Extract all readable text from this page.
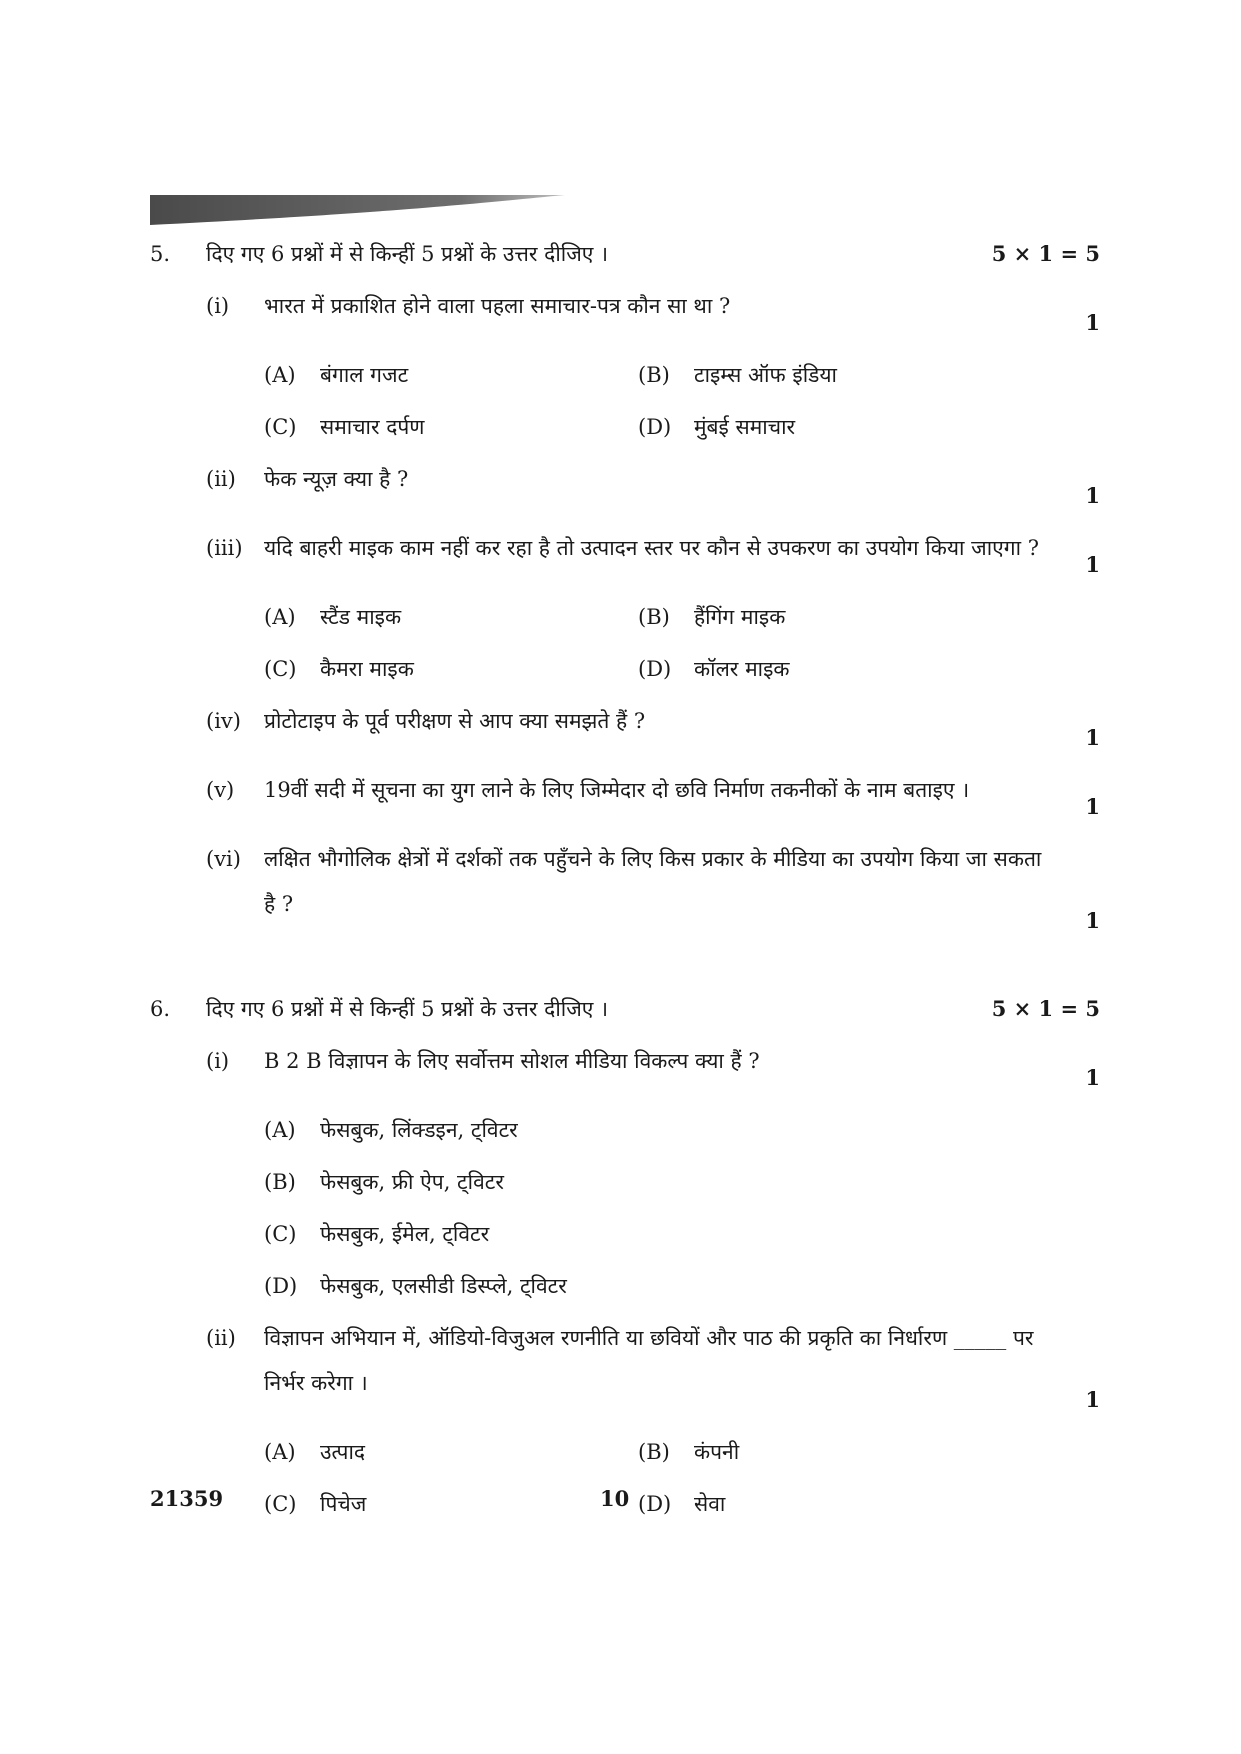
5. दिए गए 6 प्रश्नों में से किन्हीं 5 प्रश्नों के उत्तर दीजिए ।	5 × 1 = 5
(i) भारत में प्रकाशित होने वाला पहला समाचार-पत्र कौन सा था ?
1
(A) बंगाल गजट	(B) टाइम्स ऑफ इंडिया
(C) समाचार दर्पण	(D) मुंबई समाचार
(ii) फेक न्यूज़ क्या है ?
1
(iii) यदि बाहरी माइक काम नहीं कर रहा है तो उत्पादन स्तर पर कौन से उपकरण का उपयोग किया जाएगा ?
1
(A) स्टैंड माइक	(B) हैंगिंग माइक
(C) कैमरा माइक	(D) कॉलर माइक
(iv) प्रोटोटाइप के पूर्व परीक्षण से आप क्या समझते हैं ?
1
(v) 19वीं सदी में सूचना का युग लाने के लिए जिम्मेदार दो छवि निर्माण तकनीकों के नाम बताइए ।
1
(vi) लक्षित भौगोलिक क्षेत्रों में दर्शकों तक पहुँचने के लिए किस प्रकार के मीडिया का उपयोग किया जा सकता है ?
1
6. दिए गए 6 प्रश्नों में से किन्हीं 5 प्रश्नों के उत्तर दीजिए ।	5 × 1 = 5
(i) B 2 B विज्ञापन के लिए सर्वोत्तम सोशल मीडिया विकल्प क्या हैं ?
1
(A) फेसबुक, लिंक्डइन, ट्विटर
(B) फेसबुक, फ्री ऐप, ट्विटर
(C) फेसबुक, ईमेल, ट्विटर
(D) फेसबुक, एलसीडी डिस्प्ले, ट्विटर
(ii) विज्ञापन अभियान में, ऑडियो-विजुअल रणनीति या छवियों और पाठ की प्रकृति का निर्धारण _____ पर निर्भर करेगा ।
1
(A) उत्पाद	(B) कंपनी
(C) पिचेज	(D) सेवा
21359	10
